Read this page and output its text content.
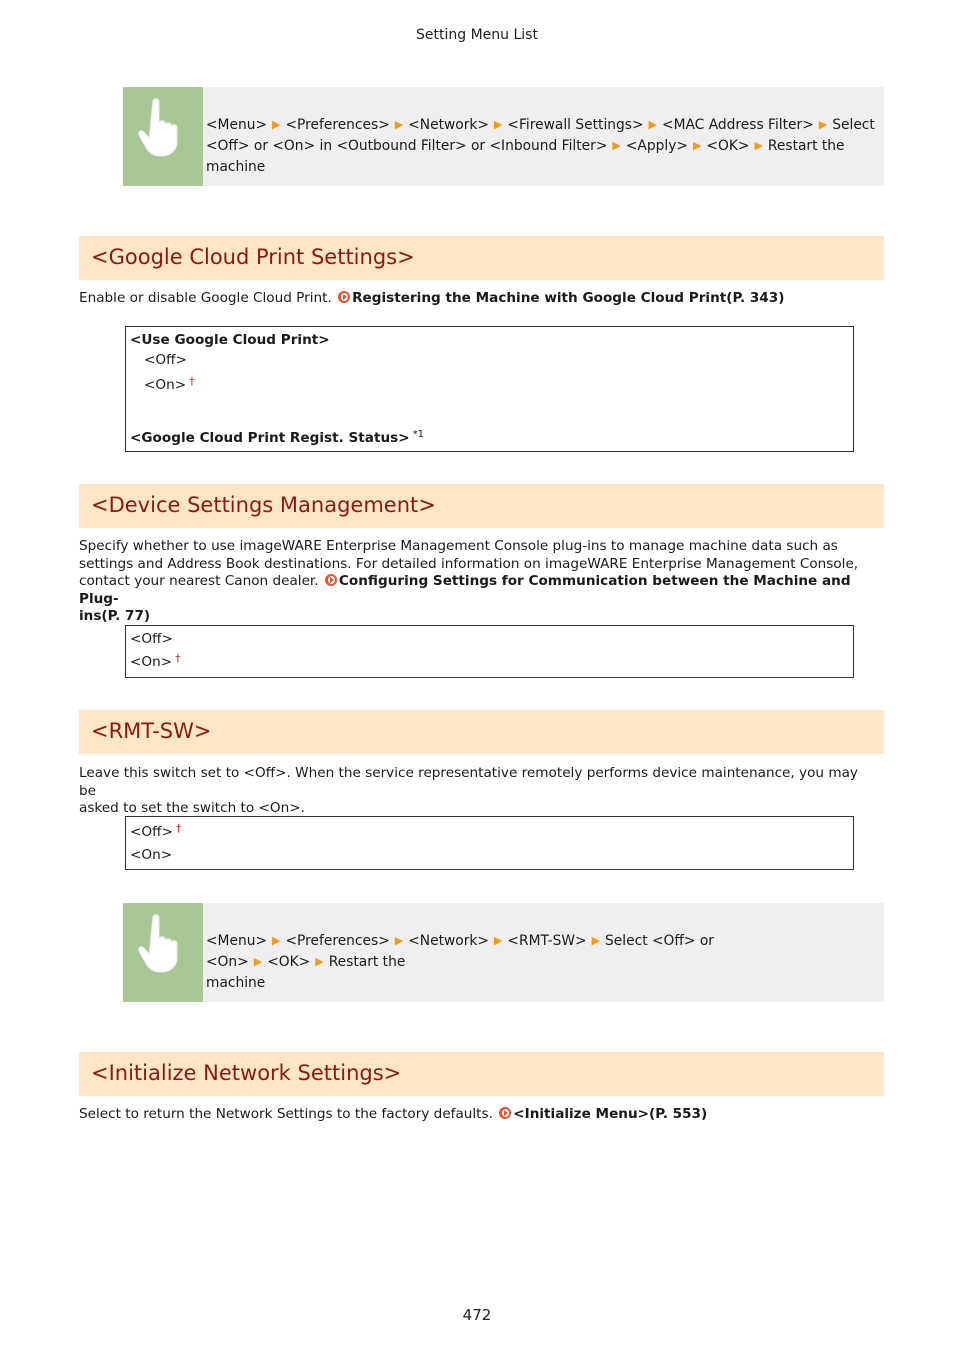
Setting Menu List
<Menu> ▶ <Preferences> ▶ <Network> ▶ <Firewall Settings> ▶ <MAC Address Filter> ▶ Select
<Off> or <On> in <Outbound Filter> or <Inbound Filter> ▶ <Apply> ▶ <OK> ▶ Restart the machine
<Google Cloud Print Settings>
Enable or disable Google Cloud Print. Registering the Machine with Google Cloud Print(P. 343)
<Use Google Cloud Print>
<Off>
<On> †
<Google Cloud Print Regist. Status> $^{*1}$
<Device Settings Management>
Specify whether to use imageWARE Enterprise Management Console plug-ins to manage machine data such as
settings and Address Book destinations. For detailed information on imageWARE Enterprise Management Console,
contact your nearest Canon dealer. Configuring Settings for Communication between the Machine and Plug-
ins(P. 77)
<Off>
<On> †
<RMT-SW>
Leave this switch set to <Off>. When the service representative remotely performs device maintenance, you may be
asked to set the switch to <On>.
<Off> †
<On>
<Menu> ▶ <Preferences> ▶ <Network> ▶ <RMT-SW> ▶ Select <Off> or <On> ▶ <OK> ▶ Restart the
machine
<Initialize Network Settings>
Select to return the Network Settings to the factory defaults. <Initialize Menu>(P. 553)
472
